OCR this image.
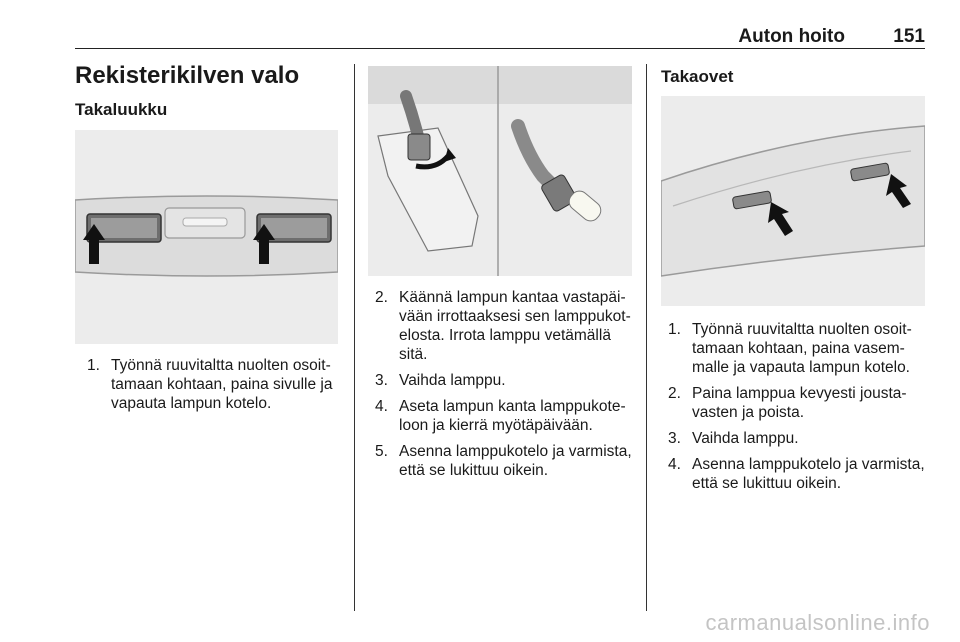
Auton hoito	151
Rekisterikilven valo
Takaluukku
1. Työnnä ruuvitaltta nuolten osoittamaan kohtaan, paina sivulle ja vapauta lampun kotelo.
2. Käännä lampun kantaa vastapäivään irrottaaksesi sen lamppukotelosta. Irrota lamppu vetämällä sitä.
3. Vaihda lamppu.
4. Aseta lampun kanta lamppukoteloon ja kierrä myötäpäivään.
5. Asenna lamppukotelo ja varmista, että se lukittuu oikein.
Takaovet
1. Työnnä ruuvitaltta nuolten osoittamaan kohtaan, paina vasemmalle ja vapauta lampun kotelo.
2. Paina lamppua kevyesti joustavasten ja poista.
3. Vaihda lamppu.
4. Asenna lamppukotelo ja varmista, että se lukittuu oikein.
carmanualsonline.info
